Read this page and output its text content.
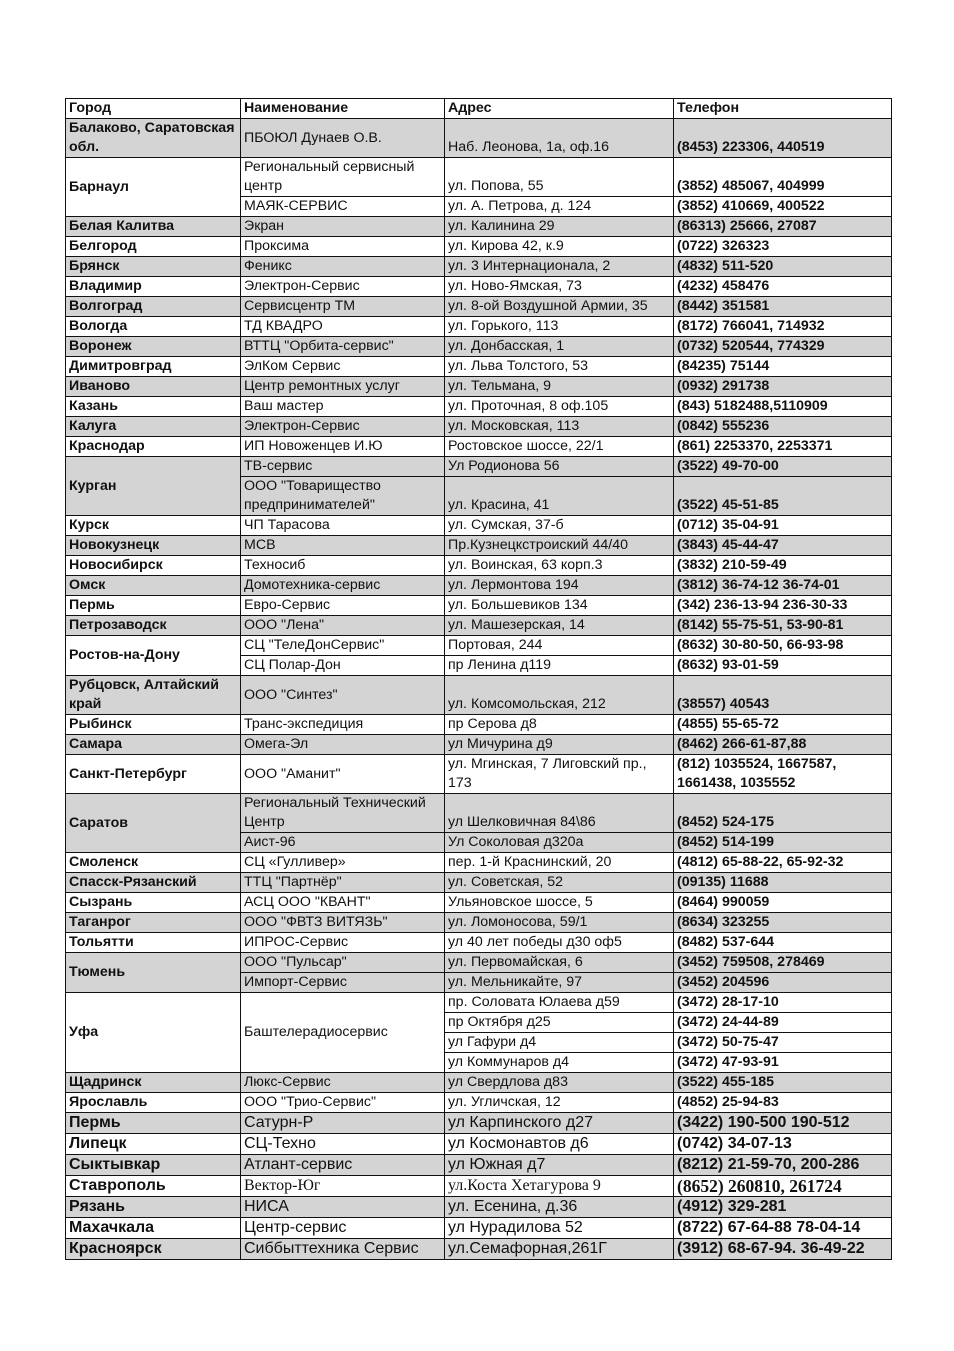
Город	Наименование	Адрес	Телефон
Балаково, Саратовская обл.	ПБОЮЛ Дунаев О.В.	Наб. Леонова, 1а, оф.16	(8453) 223306, 440519
Барнаул	Региональный сервисный центр	ул. Попова, 55	(3852) 485067, 404999
	МАЯК-СЕРВИС	ул. А. Петрова, д. 124	(3852) 410669, 400522
Белая Калитва	Экран	ул. Калинина 29	(86313) 25666, 27087
Белгород	Проксима	ул. Кирова 42, к.9	(0722) 326323
Брянск	Феникс	ул. 3 Интернационала, 2	(4832) 511-520
Владимир	Электрон-Сервис	ул. Ново-Ямская, 73	(4232) 458476
Волгоград	Сервисцентр ТМ	ул. 8-ой Воздушной Армии, 35	(8442) 351581
Вологда	ТД КВАДРО	ул. Горького, 113	(8172) 766041, 714932
Воронеж	ВТТЦ "Орбита-сервис"	ул. Донбасская, 1	(0732) 520544, 774329
Димитровград	ЭлКом Сервис	ул. Льва Толстого, 53	(84235) 75144
Иваново	Центр ремонтных услуг	ул. Тельмана, 9	(0932) 291738
Казань	Ваш мастер	ул. Проточная, 8 оф.105	(843) 5182488,5110909
Калуга	Электрон-Сервис	ул. Московская, 113	(0842) 555236
Краснодар	ИП Новоженцев И.Ю	Ростовское шоссе, 22/1	(861) 2253370, 2253371
Курган	ТВ-сервис	Ул Родионова 56	(3522) 49-70-00
	ООО "Товарищество предпринимателей"	ул. Красина, 41	(3522) 45-51-85
Курск	ЧП Тарасова	ул. Сумская, 37-б	(0712) 35-04-91
Новокузнецк	МСВ	Пр.Кузнецкстроиский 44/40	(3843) 45-44-47
Новосибирск	Техносиб	ул. Воинская, 63 корп.3	(3832) 210-59-49
Омск	Домотехника-сервис	ул. Лермонтова 194	(3812) 36-74-12 36-74-01
Пермь	Евро-Сервис	ул. Большевиков 134	(342) 236-13-94 236-30-33
Петрозаводск	ООО "Лена"	ул. Машезерская, 14	(8142) 55-75-51, 53-90-81
Ростов-на-Дону	СЦ "ТелеДонСервис"	Портовая, 244	(8632) 30-80-50, 66-93-98
	СЦ Полар-Дон	пр Ленина д119	(8632) 93-01-59
Рубцовск, Алтайский край	ООО "Синтез"	ул. Комсомольская, 212	(38557) 40543
Рыбинск	Транс-экспедиция	пр Серова д8	(4855) 55-65-72
Самара	Омега-Эл	ул Мичурина д9	(8462) 266-61-87,88
Санкт-Петербург	ООО "Аманит"	ул. Мгинская, 7 Лиговский пр., 173	(812) 1035524, 1667587, 1661438, 1035552
Саратов	Региональный Технический Центр	ул Шелковичная 84\86	(8452) 524-175
	Аист-96	Ул Соколовая д320а	(8452) 514-199
Смоленск	СЦ «Гулливер»	пер. 1-й Краснинский, 20	(4812) 65-88-22, 65-92-32
Спасск-Рязанский	ТТЦ "Партнёр"	ул. Советская, 52	(09135) 11688
Сызрань	АСЦ ООО "КВАНТ"	Ульяновское шоссе, 5	(8464) 990059
Таганрог	ООО "ФВТЗ ВИТЯЗЬ"	ул. Ломоносова, 59/1	(8634) 323255
Тольятти	ИПРОС-Сервис	ул 40 лет победы д30 оф5	(8482) 537-644
Тюмень	ООО "Пульсар"	ул. Первомайская, 6	(3452) 759508, 278469
	Импорт-Сервис	ул. Мельникайте, 97	(3452) 204596
Уфа	Баштелерадиосервис	пр. Соловата Юлаева д59	(3472) 28-17-10
		пр Октября д25	(3472) 24-44-89
		ул Гафури д4	(3472) 50-75-47
		ул Коммунаров д4	(3472) 47-93-91
Щадринск	Люкс-Сервис	ул Свердлова д83	(3522) 455-185
Ярославль	ООО "Трио-Сервис"	ул. Угличская, 12	(4852) 25-94-83
Пермь	Сатурн-Р	ул Карпинского д27	(3422) 190-500 190-512
Липецк	СЦ-Техно	ул Космонавтов д6	(0742) 34-07-13
Сыктывкар	Атлант-сервис	ул Южная д7	(8212) 21-59-70, 200-286
Ставрополь	Вектор-Юг	ул.Коста Хетагурова 9	(8652) 260810, 261724
Рязань	НИСА	ул. Есенина, д.36	(4912) 329-281
Махачкала	Центр-сервис	ул Нурадилова 52	(8722) 67-64-88 78-04-14
Красноярск	Сиббыттехника Сервис	ул.Семафорная,261Г	(3912) 68-67-94. 36-49-22
